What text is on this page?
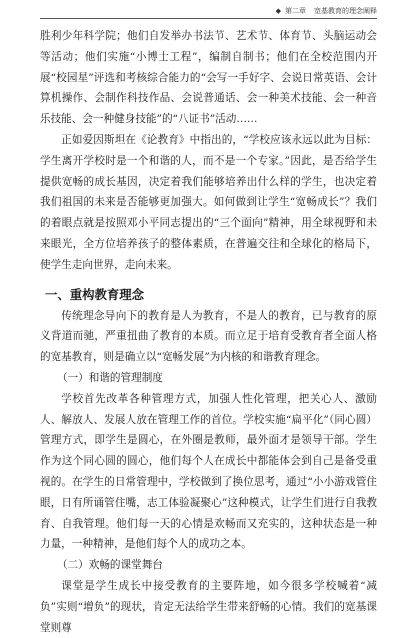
◆ 第二章 宽基教育的理念阐释

胜利少年科学院；他们自发举办书法节、艺术节、体育节、头脑运动会等活动；他们实施“小博士工程”，编制自制书；他们在全校范围内开展“校园星”评选和考核综合能力的“会写一手好字、会说日常英语、会计算机操作、会制作科技作品、会说普通话、会一种美术技能、会一种音乐技能、会一种健身技能”的“八证书”活动……

正如爱因斯坦在《论教育》中指出的，“学校应该永远以此为目标：学生离开学校时是一个和谐的人，而不是一个专家。”因此，是否给学生提供宽畅的成长基因，决定着我们能够培养出什么样的学生，也决定着我们祖国的未来是否能够更加强大。如何做到让学生“宽畅成长”？我们的着眼点就是按照邓小平同志提出的“三个面向”精神，用全球视野和未来眼光，全方位培养孩子的整体素质，在普遍交往和全球化的格局下，使学生走向世界，走向未来。

一、重构教育理念

传统理念导向下的教育是人为教育，不是人的教育，已与教育的原义背道而驰，严重扭曲了教育的本质。而立足于培育受教育者全面人格的宽基教育，则是确立以“宽畅发展”为内核的和谐教育理念。

（一）和谐的管理制度

学校首先改革各种管理方式，加强人性化管理，把关心人、激励人、解放人、发展人放在管理工作的首位。学校实施“扁平化”（同心圆）管理方式，即学生是圆心，在外圈是教师，最外面才是领导干部。学生作为这个同心圆的圆心，他们每个人在成长中都能体会到自己是备受重视的。在学生的日常管理中，学校做到了换位思考，通过“小小游戏管住眼，日有所诵管住嘴，志工体验凝聚心”这种模式，让学生们进行自我教育、自我管理。他们每一天的心情是欢畅而又充实的，这种状态是一种力量，一种精神，是他们每个人的成功之本。

（二）欢畅的课堂舞台

课堂是学生成长中接受教育的主要阵地，如今很多学校喊着“减负”实则“增负”的现状，肯定无法给学生带来舒畅的心情。我们的宽基课堂则尊
